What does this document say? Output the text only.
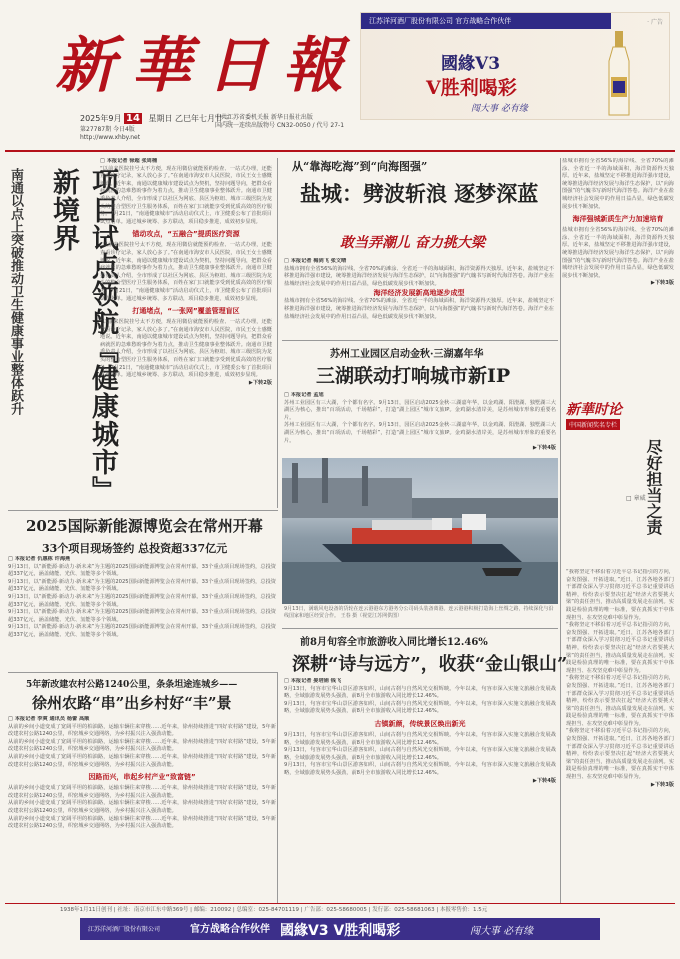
新華日報
2025年9月 14 星期日 乙巳年七月廿三
第27787期 今日4版
http://www.xhby.net
中共江苏省委机关报 新华日报社出版
国内统一连续出版物号 CN32-0050 / 代号 27-1
江苏洋河酒厂股份有限公司 官方战略合作伙伴	· 广告
國緣V3
V胜利喝彩
闯大事 必有缘
南通以点上突破推动卫生健康事业整体跃升	项目试点领航『健康城市』新境界
□ 本报记者 徐超 张周楠
“以前来医院挂号太不方便，现在用微信就能预约检查、一站式办理，还能查看诊疗记录，家人放心多了。”在南通市海安市人民医院，市民王女士感慨地说。近年来，南通以健康城市建设试点为契机，坚持问题导向，把群众看病就医的急难愁盼事作为着力点，推动卫生健康事业整体跃升。南通市卫健委负责人介绍，全市形成了以社区为网底、县区为枢纽、城市三级医院为龙头的整合型医疗卫生服务体系，百姓在家门口就能享受到优质高效的医疗服务。7月21日，“南通健康城市”活动启动仪式上，市卫健委公布了首批项目试点名单。通过城乡统筹、多方联动，项目稳步推进，成效初步显现。
锚动攻点，“五融合”提质医疗资源
“以前来医院挂号太不方便，现在用微信就能预约检查、一站式办理，还能查看诊疗记录，家人放心多了。”在南通市海安市人民医院，市民王女士感慨地说。近年来，南通以健康城市建设试点为契机，坚持问题导向，把群众看病就医的急难愁盼事作为着力点，推动卫生健康事业整体跃升。南通市卫健委负责人介绍，全市形成了以社区为网底、县区为枢纽、城市三级医院为龙头的整合型医疗卫生服务体系，百姓在家门口就能享受到优质高效的医疗服务。7月21日，“南通健康城市”活动启动仪式上，市卫健委公布了首批项目试点名单。通过城乡统筹、多方联动，项目稳步推进，成效初步显现。
打通堵点，“一张网”覆盖管理盲区
“以前来医院挂号太不方便，现在用微信就能预约检查、一站式办理，还能查看诊疗记录，家人放心多了。”在南通市海安市人民医院，市民王女士感慨地说。近年来，南通以健康城市建设试点为契机，坚持问题导向，把群众看病就医的急难愁盼事作为着力点，推动卫生健康事业整体跃升。南通市卫健委负责人介绍，全市形成了以社区为网底、县区为枢纽、城市三级医院为龙头的整合型医疗卫生服务体系，百姓在家门口就能享受到优质高效的医疗服务。7月21日，“南通健康城市”活动启动仪式上，市卫健委公布了首批项目试点名单。通过城乡统筹、多方联动，项目稳步推进，成效初步显现。
▶下转2版
从“靠海吃海”到“向海图强”
盐城：劈波斩浪 逐梦深蓝
敢当弄潮儿 奋力挑大梁
□ 本报记者 梅剑飞 张文晴
盐城市拥有全省56%的海岸线、全省70%的滩涂、全省近一半的海域面积，海洋资源得天独厚。近年来，盐城坚定不移推进海洋强市建设，统筹推进海洋经济发展与海洋生态保护，以“向海图强”的气魄书写新时代海洋答卷。海洋产业在盐城经济社会发展中的作用日益凸显，绿色低碳发展步伐不断加快。
海洋经济发展新高地逐步成型
盐城市拥有全省56%的海岸线、全省70%的滩涂、全省近一半的海域面积，海洋资源得天独厚。近年来，盐城坚定不移推进海洋强市建设，统筹推进海洋经济发展与海洋生态保护，以“向海图强”的气魄书写新时代海洋答卷。海洋产业在盐城经济社会发展中的作用日益凸显，绿色低碳发展步伐不断加快。
盐城市拥有全省56%的海岸线、全省70%的滩涂、全省近一半的海域面积，海洋资源得天独厚。近年来，盐城坚定不移推进海洋强市建设，统筹推进海洋经济发展与海洋生态保护，以“向海图强”的气魄书写新时代海洋答卷。海洋产业在盐城经济社会发展中的作用日益凸显，绿色低碳发展步伐不断加快。
海洋强城新质生产力加速培育
盐城市拥有全省56%的海岸线、全省70%的滩涂、全省近一半的海域面积，海洋资源得天独厚。近年来，盐城坚定不移推进海洋强市建设，统筹推进海洋经济发展与海洋生态保护，以“向海图强”的气魄书写新时代海洋答卷。海洋产业在盐城经济社会发展中的作用日益凸显，绿色低碳发展步伐不断加快。
▶下转3版
苏州工业园区启动金秋·三湖嘉年华
三湖联动打响城市新IP
□ 本报记者 孟旭
苏州工业园区有三大湖，个个都有名字。9月13日，园区启动2025金秋·三湖嘉年华，以金鸡湖、阳澄湖、独墅湖三大湖区为核心，推出“百项活动，千场精彩”，打造“湖上园区”城市文旅IP。金鸡湖水清岸美，是苏州城市形象的重要名片。
苏州工业园区有三大湖，个个都有名字。9月13日，园区启动2025金秋·三湖嘉年华，以金鸡湖、阳澄湖、独墅湖三大湖区为核心，推出“百项活动，千场精彩”，打造“湖上园区”城市文旅IP。金鸡湖水清岸美，是苏州城市形象的重要名片。
▶下转4版
9月13日，满载风电设备的货轮在连云港港东方港务分公司码头装备离港。连云港港积极打造海上丝绸之路，持续深化与沿线国家和地区经贸合作。 王春 摄（视觉江苏网供图）
新華时论
中国新闻奖名专栏
尽好担当之责
□ 章威
“我将坚定不移沿着习近平总书记指引的方向，奋发图强、开拓进取。”近日，江苏各地各部门干部群众深入学习贯彻习近平总书记重要讲话精神，纷纷表示要坚决扛起“经济大省要挑大梁”的责任担当，推动高质量发展走在前列。实践是检验真理的唯一标准，要在真抓实干中体现担当、在攻坚克难中彰显作为。
“我将坚定不移沿着习近平总书记指引的方向，奋发图强、开拓进取。”近日，江苏各地各部门干部群众深入学习贯彻习近平总书记重要讲话精神，纷纷表示要坚决扛起“经济大省要挑大梁”的责任担当，推动高质量发展走在前列。实践是检验真理的唯一标准，要在真抓实干中体现担当、在攻坚克难中彰显作为。
“我将坚定不移沿着习近平总书记指引的方向，奋发图强、开拓进取。”近日，江苏各地各部门干部群众深入学习贯彻习近平总书记重要讲话精神，纷纷表示要坚决扛起“经济大省要挑大梁”的责任担当，推动高质量发展走在前列。实践是检验真理的唯一标准，要在真抓实干中体现担当、在攻坚克难中彰显作为。
“我将坚定不移沿着习近平总书记指引的方向，奋发图强、开拓进取。”近日，江苏各地各部门干部群众深入学习贯彻习近平总书记重要讲话精神，纷纷表示要坚决扛起“经济大省要挑大梁”的责任担当，推动高质量发展走在前列。实践是检验真理的唯一标准，要在真抓实干中体现担当、在攻坚克难中彰显作为。
▶下转3版
2025国际新能源博览会在常州开幕
33个项目现场签约 总投资超337亿元
□ 本报记者 仇惠栋 许海燕
9月13日，以“新能源·新动力·新未来”为主题的2025国际新能源博览会在常州开幕。33个重点项目现场签约，总投资超337亿元，涵盖储能、光伏、氢能等多个领域。
9月13日，以“新能源·新动力·新未来”为主题的2025国际新能源博览会在常州开幕。33个重点项目现场签约，总投资超337亿元，涵盖储能、光伏、氢能等多个领域。
9月13日，以“新能源·新动力·新未来”为主题的2025国际新能源博览会在常州开幕。33个重点项目现场签约，总投资超337亿元，涵盖储能、光伏、氢能等多个领域。
9月13日，以“新能源·新动力·新未来”为主题的2025国际新能源博览会在常州开幕。33个重点项目现场签约，总投资超337亿元，涵盖储能、光伏、氢能等多个领域。
9月13日，以“新能源·新动力·新未来”为主题的2025国际新能源博览会在常州开幕。33个重点项目现场签约，总投资超337亿元，涵盖储能、光伏、氢能等多个领域。
5年新改建农村公路1240公里，条条坦途连城乡——
徐州农路“串”出乡村好“丰”景
□ 本报记者 李爽 通讯员 杨蕾 高顺
从前的乡间小道变成了宽阔平坦的柏油路，运输车辆往来穿梭……近年来，徐州持续推进“四好农村路”建设，5年新改建农村公路1240公里，织密城乡交通网络，为乡村振兴注入强劲动能。
从前的乡间小道变成了宽阔平坦的柏油路，运输车辆往来穿梭……近年来，徐州持续推进“四好农村路”建设，5年新改建农村公路1240公里，织密城乡交通网络，为乡村振兴注入强劲动能。
从前的乡间小道变成了宽阔平坦的柏油路，运输车辆往来穿梭……近年来，徐州持续推进“四好农村路”建设，5年新改建农村公路1240公里，织密城乡交通网络，为乡村振兴注入强劲动能。
因路而兴，串起乡村产业“致富链”
从前的乡间小道变成了宽阔平坦的柏油路，运输车辆往来穿梭……近年来，徐州持续推进“四好农村路”建设，5年新改建农村公路1240公里，织密城乡交通网络，为乡村振兴注入强劲动能。
从前的乡间小道变成了宽阔平坦的柏油路，运输车辆往来穿梭……近年来，徐州持续推进“四好农村路”建设，5年新改建农村公路1240公里，织密城乡交通网络，为乡村振兴注入强劲动能。
从前的乡间小道变成了宽阔平坦的柏油路，运输车辆往来穿梭……近年来，徐州持续推进“四好农村路”建设，5年新改建农村公路1240公里，织密城乡交通网络，为乡村振兴注入强劲动能。
前8月旬容全市旅游收入同比增长12.46%
深耕“诗与远方”，收获“金山银山”
□ 本报记者 晏培娟 钱飞
9月13日，句容市宝华山景区游客如织，山间古刹与自然风光交相辉映。今年以来，句容市深入实施文旅融合发展战略，全域旅游发展势头强劲，前8月全市旅游收入同比增长12.46%。
9月13日，句容市宝华山景区游客如织，山间古刹与自然风光交相辉映。今年以来，句容市深入实施文旅融合发展战略，全域旅游发展势头强劲，前8月全市旅游收入同比增长12.46%。
古镇新颜，传统景区焕出新光
9月13日，句容市宝华山景区游客如织，山间古刹与自然风光交相辉映。今年以来，句容市深入实施文旅融合发展战略，全域旅游发展势头强劲，前8月全市旅游收入同比增长12.46%。
9月13日，句容市宝华山景区游客如织，山间古刹与自然风光交相辉映。今年以来，句容市深入实施文旅融合发展战略，全域旅游发展势头强劲，前8月全市旅游收入同比增长12.46%。
9月13日，句容市宝华山景区游客如织，山间古刹与自然风光交相辉映。今年以来，句容市深入实施文旅融合发展战略，全域旅游发展势头强劲，前8月全市旅游收入同比增长12.46%。
▶下转4版
1938年1月11日创刊 | 社址：南京市江东中路369号 | 邮编：210092 | 总编室：025-84701119 | 广告部：025-58680005 | 发行部：025-58681063 | 本报零售价：1.5元
江苏洋河酒厂股份有限公司	官方战略合作伙伴 國緣V3 V胜利喝彩	闯大事 必有缘
